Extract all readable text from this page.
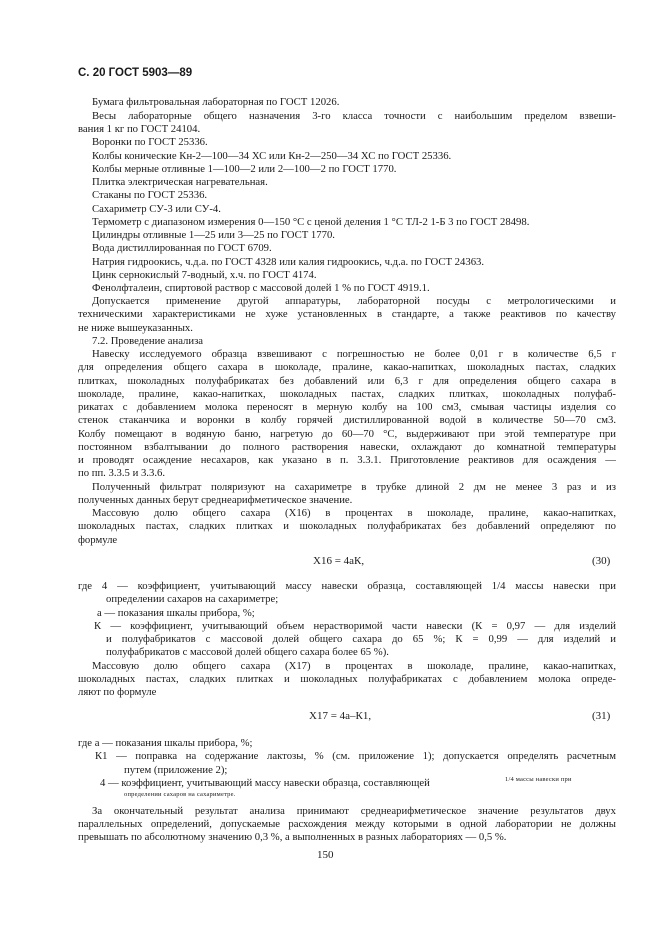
С. 20 ГОСТ 5903—89
Бумага фильтровальная лабораторная по ГОСТ 12026.
Весы лабораторные общего назначения 3-го класса точности с наибольшим пределом взвеши-
вания 1 кг по ГОСТ 24104.
Воронки по ГОСТ 25336.
Колбы конические Кн-2—100—34 ХС или Кн-2—250—34 ХС по ГОСТ 25336.
Колбы мерные отливные 1—100—2 или 2—100—2 по ГОСТ 1770.
Плитка электрическая нагревательная.
Стаканы по ГОСТ 25336.
Сахариметр СУ-3 или СУ-4.
Термометр с диапазоном измерения 0—150 °С с ценой деления 1 °С ТЛ-2 1-Б 3 по ГОСТ 28498.
Цилиндры отливные 1—25 или 3—25 по ГОСТ 1770.
Вода дистиллированная по ГОСТ 6709.
Натрия гидроокись, ч.д.а. по ГОСТ 4328 или калия гидроокись, ч.д.а. по ГОСТ 24363.
Цинк сернокислый 7-водный, х.ч. по ГОСТ 4174.
Фенолфталеин, спиртовой раствор с массовой долей 1 % по ГОСТ 4919.1.
Допускается применение другой аппаратуры, лабораторной посуды с метрологическими и
техническими характеристиками не хуже установленных в стандарте, а также реактивов по качеству
не ниже вышеуказанных.
7.2. Проведение анализа
Навеску исследуемого образца взвешивают с погрешностью не более 0,01 г в количестве 6,5 г
для определения общего сахара в шоколаде, пралине, какао-напитках, шоколадных пастах, сладких
плитках, шоколадных полуфабрикатах без добавлений или 6,3 г для определения общего сахара в
шоколаде, пралине, какао-напитках, шоколадных пастах, сладких плитках, шоколадных полуфаб-
рикатах с добавлением молока переносят в мерную колбу на 100 см3, смывая частицы изделия со
стенок стаканчика и воронки в колбу горячей дистиллированной водой в количестве 50—70 см3.
Колбу помещают в водяную баню, нагретую до 60—70 °С, выдерживают при этой температуре при
постоянном взбалтывании до полного растворения навески, охлаждают до комнатной температуры
и проводят осаждение несахаров, как указано в п. 3.3.1. Приготовление реактивов для осаждения —
по пп. 3.3.5 и 3.3.6.
Полученный фильтрат поляризуют на сахариметре в трубке длиной 2 дм не менее 3 раз и из
полученных данных берут среднеарифметическое значение.
Массовую долю общего сахара (Х16) в процентах в шоколаде, пралине, какао-напитках,
шоколадных пастах, сладких плитках и шоколадных полуфабрикатах без добавлений определяют по
формуле
Х16 = 4аК,	(30)
где 4 — коэффициент, учитывающий массу навески образца, составляющей 1/4 массы навески при
определении сахаров на сахариметре;
а — показания шкалы прибора, %;
К — коэффициент, учитывающий объем нерастворимой части навески (К = 0,97 — для изделий
и полуфабрикатов с массовой долей общего сахара до 65 %; К = 0,99 — для изделий и
полуфабрикатов с массовой долей общего сахара более 65 %).
Массовую долю общего сахара (Х17) в процентах в шоколаде, пралине, какао-напитках,
шоколадных пастах, сладких плитках и шоколадных полуфабрикатах с добавлением молока опреде-
ляют по формуле
Х17 = 4а–К1,	(31)
где а — показания шкалы прибора, %;
К1 — поправка на содержание лактозы, % (см. приложение 1); допускается определять расчетным
путем (приложение 2);
4 — коэффициент, учитывающий массу навески образца, составляющей	1/4 массы навески при
определении сахаров на сахариметре.
За окончательный результат анализа принимают среднеарифметическое значение результатов двух
параллельных определений, допускаемые расхождения между которыми в одной лаборатории не должны
превышать по абсолютному значению 0,3 %, а выполненных в разных лабораториях — 0,5 %.
150
